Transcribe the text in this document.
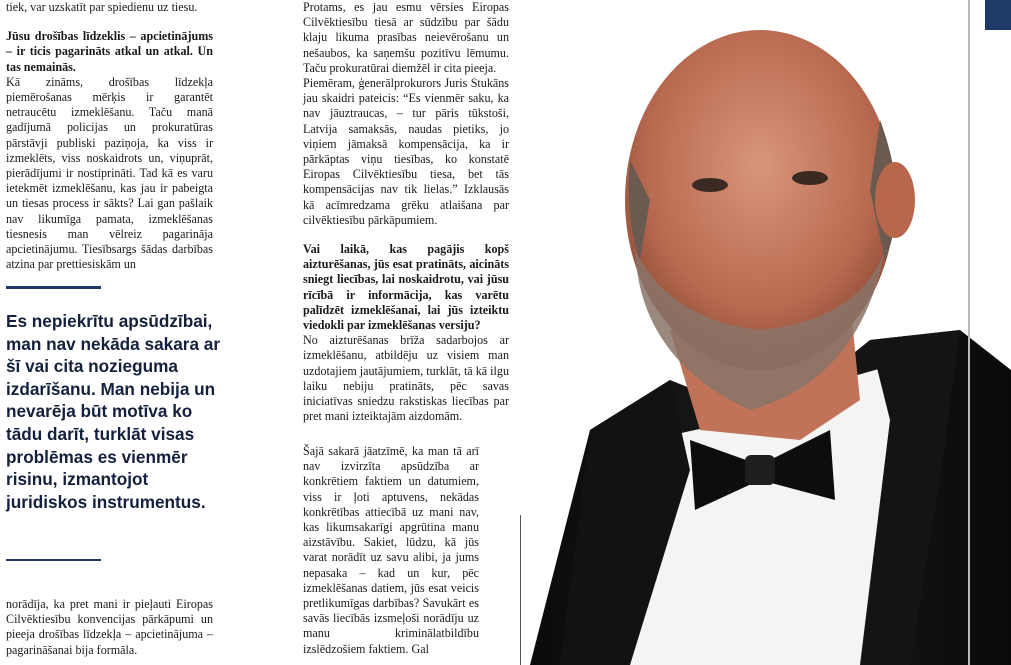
tiek, var uzskatīt par spiedienu uz tiesu.

Jūsu drošības līdzeklis – apcietinājums – ir ticis pagarināts atkal un atkal. Un tas nemainās.

Kā zināms, drošības līdzekļa piemērošanas mērķis ir garantēt netraucētu izmeklēšanu. Taču manā gadījumā policijas un prokuratūras pārstāvji publiski paziņoja, ka viss ir izmeklēts, viss noskaidrots un, viņuprāt, pierādījumi ir nostiprināti. Tad kā es varu ietekmēt izmeklēšanu, kas jau ir pabeigta un tiesas process ir sākts? Lai gan pašlaik nav likumīga pamata, izmeklēšanas tiesnesis man vēlreiz pagarināja apcietinājumu. Tiesībsargs šādas darbības atzina par prettiesiskām un

Es nepiekrītu apsūdzībai, man nav nekāda sakara ar šī vai cita nozieguma izdarīšanu. Man nebija un nevarēja būt motīva ko tādu darīt, turklāt visas problēmas es vienmēr risinu, izmantojot juridiskos instrumentus.

norādīja, ka pret mani ir pieļauti Eiropas Cilvēktiesību konvencijas pārkāpumi un pieeja drošības līdzekļa – apcietinājuma – pagarināšanai bija formāla.

Protams, es jau esmu vērsies Eiropas Cilvēktiesību tiesā ar sūdzību par šādu klaju likuma prasības neievērošanu un nešaubos, ka saņemšu pozitīvu lēmumu. Taču prokuratūrai diemžēl ir cita pieeja.

Piemēram, ģenerālprokurors Juris Stukāns jau skaidri pateicis: “Es vienmēr saku, ka nav jāuztraucas, – tur pāris tūkstoši, Latvija samaksās, naudas pietiks, jo viņiem jāmaksā kompensācija, ka ir pārkāptas viņu tiesības, ko konstatē Eiropas Cilvēktiesību tiesa, bet tās kompensācijas nav tik lielas.” Izklausās kā acīmredzama grēku atlaišana par cilvēktiesību pārkāpumiem.

Vai laikā, kas pagājis kopš aizturēšanas, jūs esat pratināts, aicināts sniegt liecības, lai noskaidrotu, vai jūsu rīcībā ir informācija, kas varētu palīdzēt izmeklēšanai, lai jūs izteiktu viedokli par izmeklēšanas versiju?

No aizturēšanas brīža sadarbojos ar izmeklēšanu, atbildēju uz visiem man uzdotajiem jautājumiem, turklāt, tā kā ilgu laiku nebiju pratināts, pēc savas iniciatīvas sniedzu rakstiskas liecības par pret mani izteiktajām aizdomām.

Šajā sakarā jāatzīmē, ka man tā arī nav izvirzīta apsūdzība ar konkrētiem faktiem un datumiem, viss ir ļoti aptuvens, nekādas konkrētības attiecībā uz mani nav, kas likumsakarīgi apgrūtina manu aizstāvību. Sakiet, lūdzu, kā jūs varat norādīt uz savu alibi, ja jums nepasaka – kad un kur, pēc izmeklēšanas datiem, jūs esat veicis pretlikumīgas darbības? Savukārt es savās liecībās izsmeļoši norādīju uz manu kriminālatbildību izslēdzošiem faktiem. Gal
